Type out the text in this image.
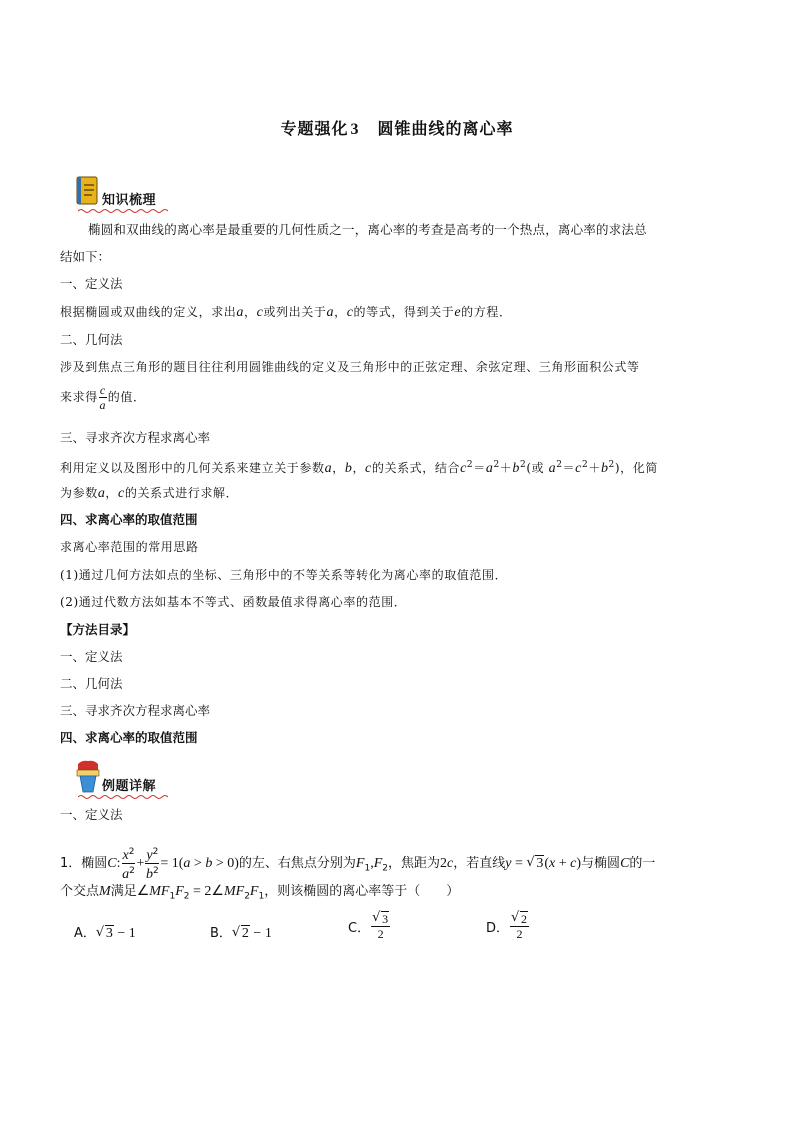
专题强化 3 圆锥曲线的离心率
知识梳理
椭圆和双曲线的离心率是最重要的几何性质之一，离心率的考查是高考的一个热点，离心率的求法总
结如下：
一、定义法
根据椭圆或双曲线的定义，求出a，c或列出关于a，c的等式，得到关于e的方程．
二、几何法
涉及到焦点三角形的题目往往利用圆锥曲线的定义及三角形中的正弦定理、余弦定理、三角形面积公式等
来求得 $\frac{c}{a}$ 的值．
三、寻求齐次方程求离心率
利用定义以及图形中的几何关系来建立关于参数a，b，c的关系式，结合$c^2=a^2+b^2$(或 $a^2=c^2+b^2$)，化简
为参数a，c的关系式进行求解．
四、求离心率的取值范围
求离心率范围的常用思路
(1)通过几何方法如点的坐标、三角形中的不等关系等转化为离心率的取值范围．
(2)通过代数方法如基本不等式、函数最值求得离心率的范围．
【方法目录】
一、定义法
二、几何法
三、寻求齐次方程求离心率
四、求离心率的取值范围
例题详解
一、定义法
1．椭圆C: $\frac{x^2}{a^2} + \frac{y^2}{b^2} = 1(a > b > 0)$的左、右焦点分别为$F_1,F_2$，焦距为2c，若直线y = √ 3(x + c)与椭圆C的一
个交点M满足$\angle MF_1F_2$ = $2\angle MF_2F_1$，则该椭圆的离心率等于（　　）
A． √ 3 − 1	B． √ 2 − 1	C． √ $\frac{3}{2}$	D． √ $\frac{2}{2}$
